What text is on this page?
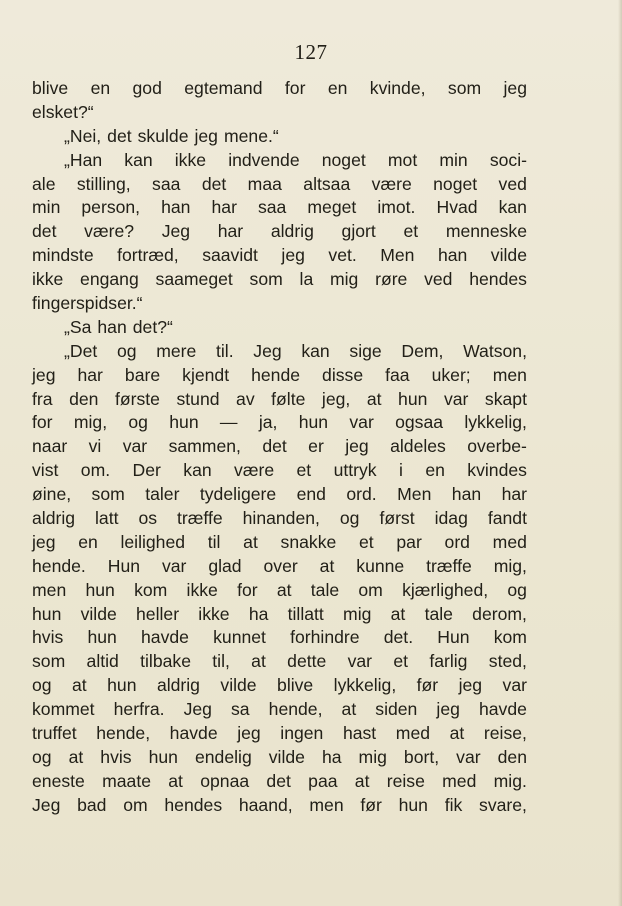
127
blive en god egtemand for en kvinde, som jeg
elsket?“
„Nei, det skulde jeg mene.“
„Han kan ikke indvende noget mot min soci-
ale stilling, saa det maa altsaa være noget ved
min person, han har saa meget imot. Hvad kan
det være? Jeg har aldrig gjort et menneske
mindste fortræd, saavidt jeg vet. Men han vilde
ikke engang saameget som la mig røre ved hendes
fingerspidser.“
„Sa han det?“
„Det og mere til. Jeg kan sige Dem, Watson,
jeg har bare kjendt hende disse faa uker; men
fra den første stund av følte jeg, at hun var skapt
for mig, og hun — ja, hun var ogsaa lykkelig,
naar vi var sammen, det er jeg aldeles overbe-
vist om. Der kan være et uttryk i en kvindes
øine, som taler tydeligere end ord. Men han har
aldrig latt os træffe hinanden, og først idag fandt
jeg en leilighed til at snakke et par ord med
hende. Hun var glad over at kunne træffe mig,
men hun kom ikke for at tale om kjærlighed, og
hun vilde heller ikke ha tillatt mig at tale derom,
hvis hun havde kunnet forhindre det. Hun kom
som altid tilbake til, at dette var et farlig sted,
og at hun aldrig vilde blive lykkelig, før jeg var
kommet herfra. Jeg sa hende, at siden jeg havde
truffet hende, havde jeg ingen hast med at reise,
og at hvis hun endelig vilde ha mig bort, var den
eneste maate at opnaa det paa at reise med mig.
Jeg bad om hendes haand, men før hun fik svare,
